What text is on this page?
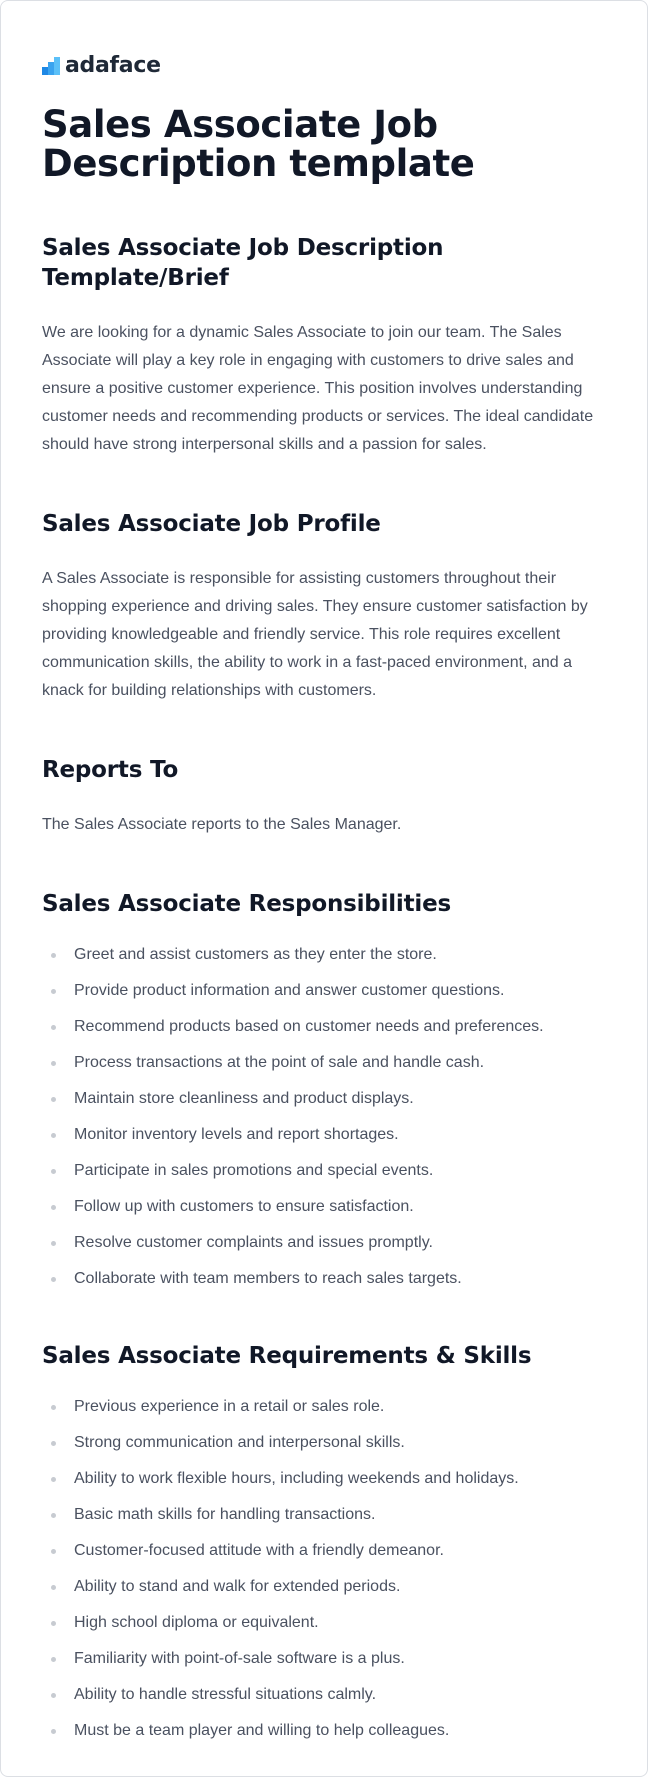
adaface
Sales Associate Job Description template
Sales Associate Job Description Template/Brief

We are looking for a dynamic Sales Associate to join our team. The Sales Associate will play a key role in engaging with customers to drive sales and ensure a positive customer experience. This position involves understanding customer needs and recommending products or services. The ideal candidate should have strong interpersonal skills and a passion for sales.

Sales Associate Job Profile

A Sales Associate is responsible for assisting customers throughout their shopping experience and driving sales. They ensure customer satisfaction by providing knowledgeable and friendly service. This role requires excellent communication skills, the ability to work in a fast-paced environment, and a knack for building relationships with customers.

Reports To

The Sales Associate reports to the Sales Manager.

Sales Associate Responsibilities
Greet and assist customers as they enter the store.
Provide product information and answer customer questions.
Recommend products based on customer needs and preferences.
Process transactions at the point of sale and handle cash.
Maintain store cleanliness and product displays.
Monitor inventory levels and report shortages.
Participate in sales promotions and special events.
Follow up with customers to ensure satisfaction.
Resolve customer complaints and issues promptly.
Collaborate with team members to reach sales targets.
Sales Associate Requirements & Skills
Previous experience in a retail or sales role.
Strong communication and interpersonal skills.
Ability to work flexible hours, including weekends and holidays.
Basic math skills for handling transactions.
Customer-focused attitude with a friendly demeanor.
Ability to stand and walk for extended periods.
High school diploma or equivalent.
Familiarity with point-of-sale software is a plus.
Ability to handle stressful situations calmly.
Must be a team player and willing to help colleagues.
